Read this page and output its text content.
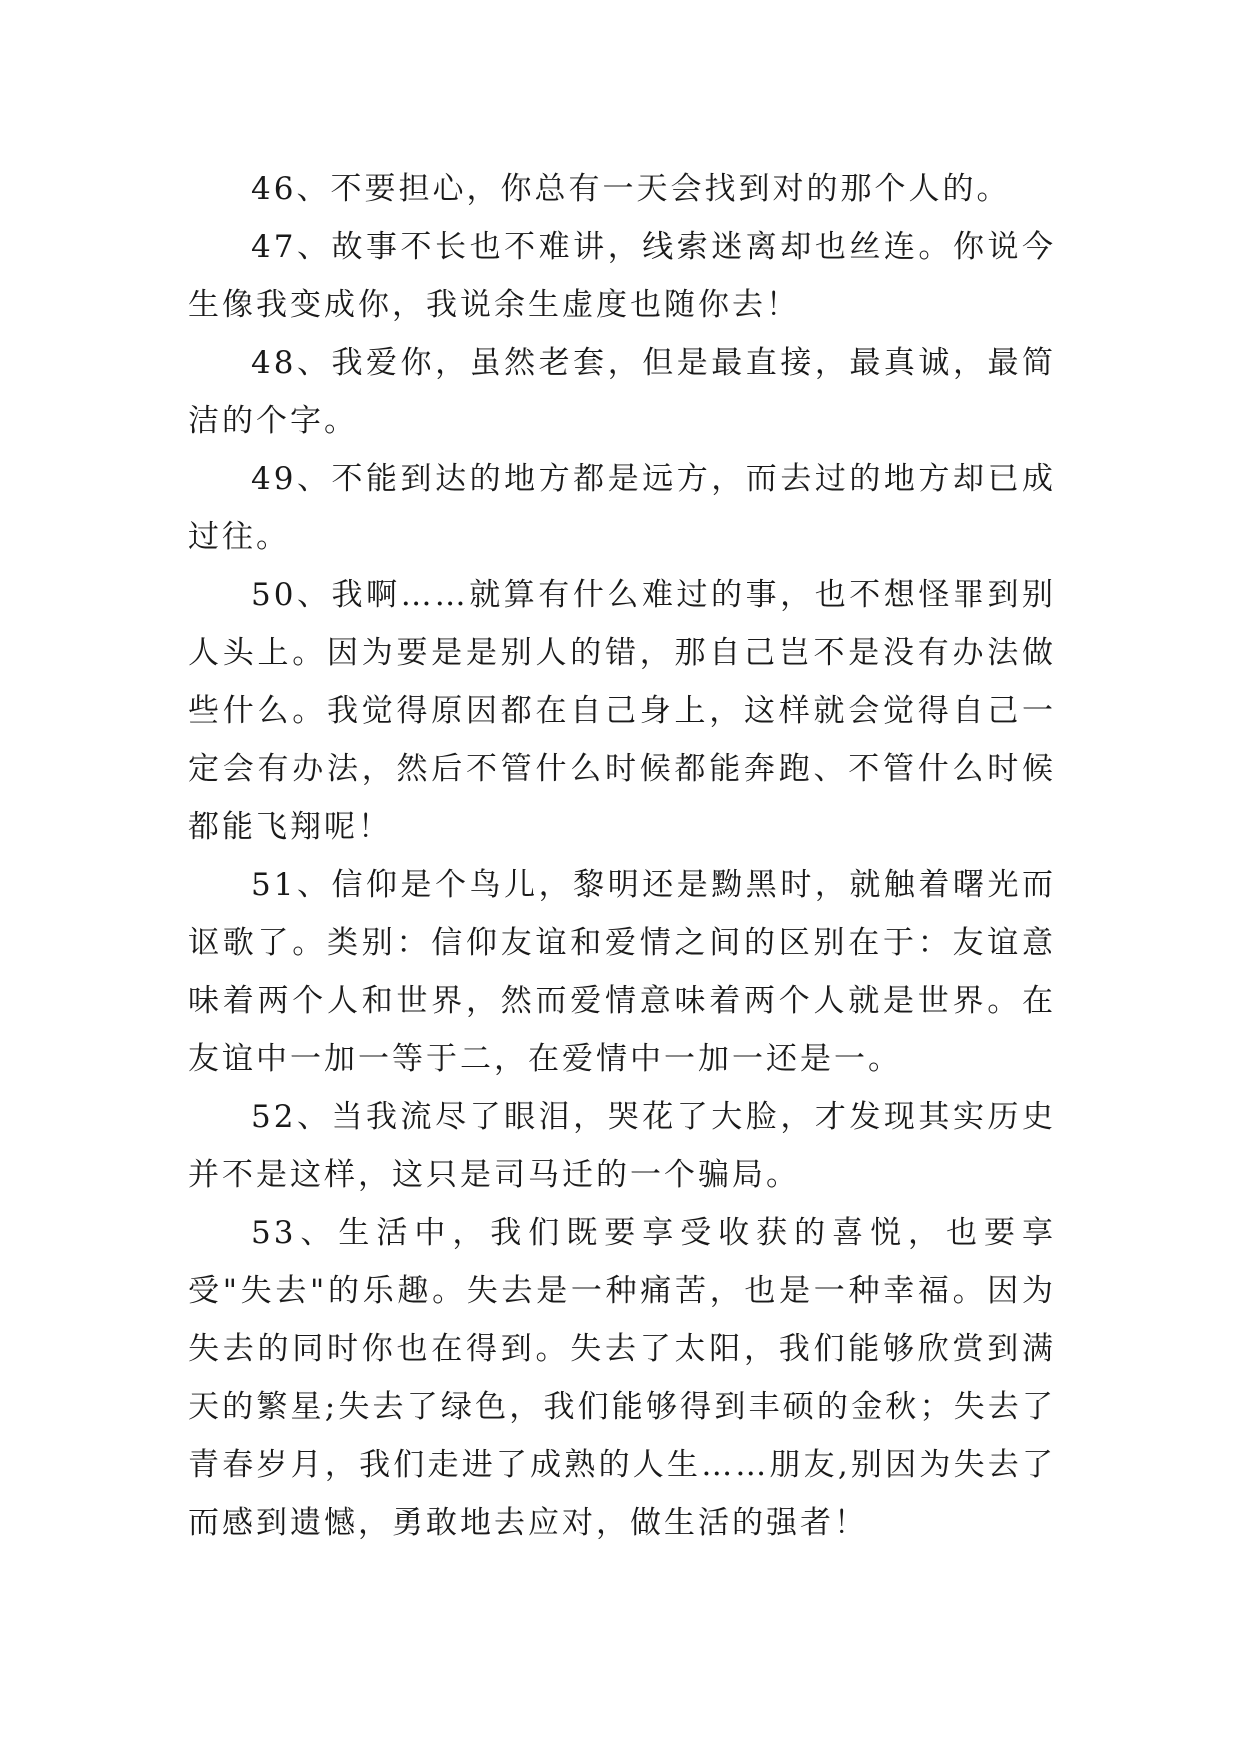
46、不要担心，你总有一天会找到对的那个人的。

47、故事不长也不难讲，线索迷离却也丝连。你说今生像我变成你，我说余生虚度也随你去！

48、我爱你，虽然老套，但是最直接，最真诚，最简洁的个字。

49、不能到达的地方都是远方，而去过的地方却已成过往。

50、我啊……就算有什么难过的事，也不想怪罪到别人头上。因为要是是别人的错，那自己岂不是没有办法做些什么。我觉得原因都在自己身上，这样就会觉得自己一定会有办法，然后不管什么时候都能奔跑、不管什么时候都能飞翔呢！

51、信仰是个鸟儿，黎明还是黝黑时，就触着曙光而讴歌了。类别：信仰友谊和爱情之间的区别在于：友谊意味着两个人和世界，然而爱情意味着两个人就是世界。在友谊中一加一等于二，在爱情中一加一还是一。

52、当我流尽了眼泪，哭花了大脸，才发现其实历史并不是这样，这只是司马迁的一个骗局。

53、生活中，我们既要享受收获的喜悦，也要享受"失去"的乐趣。失去是一种痛苦，也是一种幸福。因为失去的同时你也在得到。失去了太阳，我们能够欣赏到满天的繁星;失去了绿色，我们能够得到丰硕的金秋；失去了青春岁月，我们走进了成熟的人生……朋友,别因为失去了而感到遗憾，勇敢地去应对，做生活的强者！
